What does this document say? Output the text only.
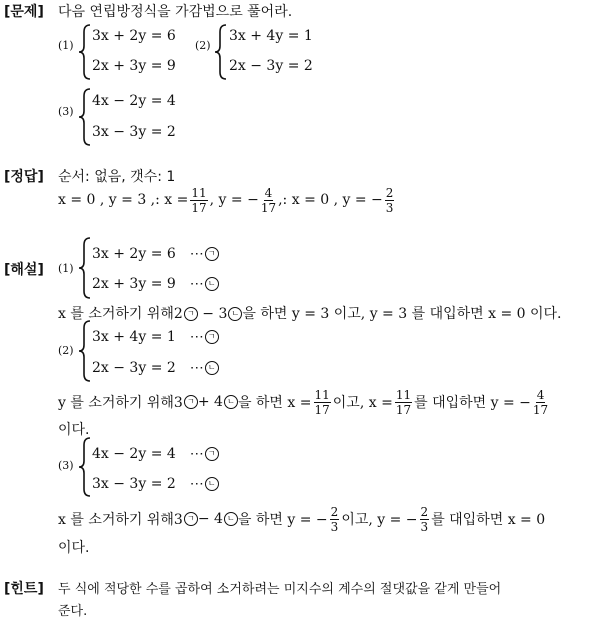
[문제] 다음 연립방정식을 가감법으로 풀어라.
(1)
3x + 2y = 6
2x + 3y = 9
(2)
3x + 4y = 1
2x − 3y = 2
(3)
4x − 2y = 4
3x − 3y = 2
[정답] 순서: 없음, 갯수: 1
x = 0 , y = 3 ,: $x = \frac{11}{17}$ , y = − $\frac{4}{17}$ ,: x = 0 , y = − $\frac{2}{3}$
[해설] (1)
3x + 2y = 6 ⋯ ㄱ
2x + 3y = 9 ⋯ ㄴ
x 를 소거하기 위해2 ㄱ − 3 ㄴ 을 하면 y = 3 이고, y = 3 를 대입하면 x = 0 이다.
(2)
3x + 4y = 1 ⋯ ㄱ
2x − 3y = 2 ⋯ ㄴ
y 를 소거하기 위해3 ㄱ + 4 ㄴ 을 하면 $x = \frac{11}{17}$ 이고, $x = \frac{11}{17}$ 를 대입하면 y = − $\frac{4}{17}$
이다.
(3)
4x − 2y = 4 ⋯ ㄱ
3x − 3y = 2 ⋯ ㄴ
x 를 소거하기 위해3 ㄱ − 4 ㄴ 을 하면 y = − $\frac{2}{3}$ 이고, y = − $\frac{2}{3}$ 를 대입하면 x = 0
이다.
[힌트] 두 식에 적당한 수를 곱하여 소거하려는 미지수의 계수의 절댓값을 같게 만들어
준다.
